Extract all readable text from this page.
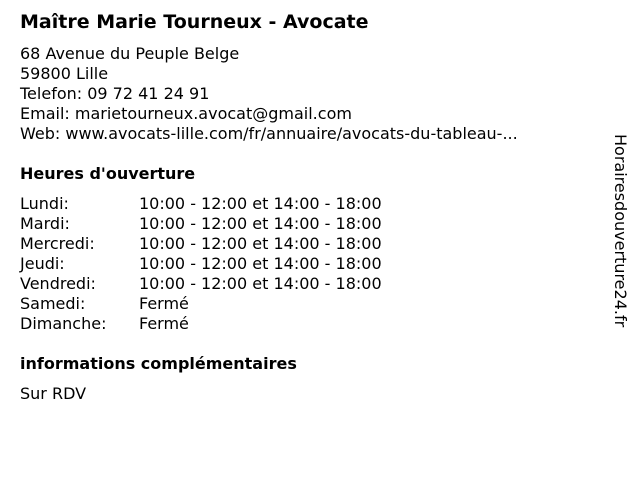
Maître Marie Tourneux - Avocate
68 Avenue du Peuple Belge
59800 Lille
Telefon: 09 72 41 24 91
Email: marietourneux.avocat@gmail.com
Web: www.avocats-lille.com/fr/annuaire/avocats-du-tableau-...
Heures d'ouverture
Lundi:	10:00 - 12:00 et 14:00 - 18:00
Mardi:	10:00 - 12:00 et 14:00 - 18:00
Mercredi:	10:00 - 12:00 et 14:00 - 18:00
Jeudi:	10:00 - 12:00 et 14:00 - 18:00
Vendredi:	10:00 - 12:00 et 14:00 - 18:00
Samedi:	Fermé
Dimanche:	Fermé
informations complémentaires
Sur RDV
Horairesdouverture24.fr
